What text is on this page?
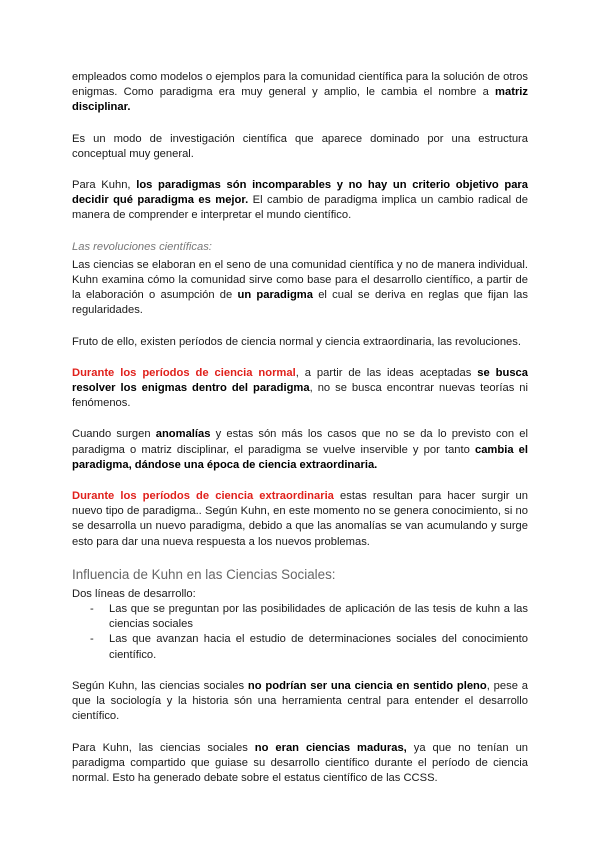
empleados como modelos o ejemplos para la comunidad científica para la solución de otros enigmas. Como paradigma era muy general y amplio, le cambia el nombre a matriz disciplinar.

Es un modo de investigación científica que aparece dominado por una estructura conceptual muy general.

Para Kuhn, los paradigmas són incomparables y no hay un criterio objetivo para decidir qué paradigma es mejor. El cambio de paradigma implica un cambio radical de manera de comprender e interpretar el mundo científico.

Las revoluciones científicas:

Las ciencias se elaboran en el seno de una comunidad científica y no de manera individual. Kuhn examina cómo la comunidad sirve como base para el desarrollo científico, a partir de la elaboración o asumpción de un paradigma el cual se deriva en reglas que fijan las regularidades.

Fruto de ello, existen períodos de ciencia normal y ciencia extraordinaria, las revoluciones.

Durante los períodos de ciencia normal, a partir de las ideas aceptadas se busca resolver los enigmas dentro del paradigma, no se busca encontrar nuevas teorías ni fenómenos.

Cuando surgen anomalías y estas són más los casos que no se da lo previsto con el paradigma o matriz disciplinar, el paradigma se vuelve inservible y por tanto cambia el paradigma, dándose una época de ciencia extraordinaria.

Durante los períodos de ciencia extraordinaria estas resultan para hacer surgir un nuevo tipo de paradigma.. Según Kuhn, en este momento no se genera conocimiento, si no se desarrolla un nuevo paradigma, debido a que las anomalías se van acumulando y surge esto para dar una nueva respuesta a los nuevos problemas.

Influencia de Kuhn en las Ciencias Sociales:

Dos líneas de desarrollo:

- Las que se preguntan por las posibilidades de aplicación de las tesis de kuhn a las ciencias sociales
- Las que avanzan hacia el estudio de determinaciones sociales del conocimiento científico.

Según Kuhn, las ciencias sociales no podrían ser una ciencia en sentido pleno, pese a que la sociología y la historia són una herramienta central para entender el desarrollo científico.

Para Kuhn, las ciencias sociales no eran ciencias maduras, ya que no tenían un paradigma compartido que guiase su desarrollo científico durante el período de ciencia normal. Esto ha generado debate sobre el estatus científico de las CCSS.
